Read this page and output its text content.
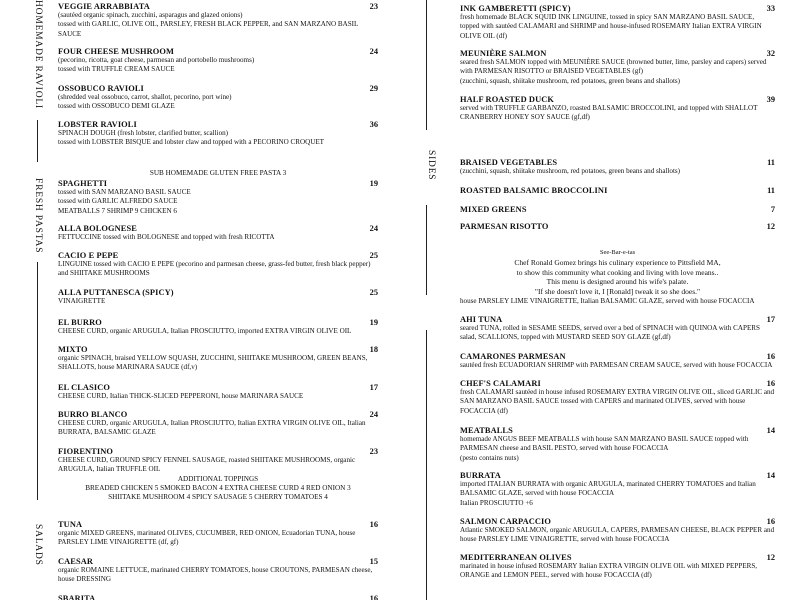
HOMEMADE RAVIOLI
FRESH PASTAS
SALADS
SIDES
VEGGIE ARRABBIATA	23
(sautéed organic spinach, zucchini, asparagus and glazed onions)
tossed with GARLIC, OLIVE OIL, PARSLEY, FRESH BLACK PEPPER, and SAN MARZANO BASIL SAUCE
FOUR CHEESE MUSHROOM	24
(pecorino, ricotta, goat cheese, parmesan and portobello mushrooms)
tossed with TRUFFLE CREAM SAUCE
OSSOBUCO RAVIOLI	29
(shredded veal ossobuco, carrot, shallot, pecorino, port wine)
tossed with OSSOBUCO DEMI GLAZE
LOBSTER RAVIOLI	36
SPINACH DOUGH (fresh lobster, clarified butter, scallion)
tossed with LOBSTER BISQUE and lobster claw and topped with a PECORINO CROQUET
SUB HOMEMADE GLUTEN FREE PASTA 3
SPAGHETTI	19
tossed with SAN MARZANO BASIL SAUCE
tossed with GARLIC ALFREDO SAUCE
MEATBALLS 7 SHRIMP 9 CHICKEN 6
ALLA BOLOGNESE	24
FETTUCCINE tossed with BOLOGNESE and topped with fresh RICOTTA
CACIO E PEPE	25
LINGUINE tossed with CACIO E PEPE (pecorino and parmesan cheese, grass-fed butter, fresh black pepper) and SHIITAKE MUSHROOMS
ALLA PUTTANESCA (SPICY)	25
VINAIGRETTE
EL BURRO	19
CHEESE CURD, organic ARUGULA, Italian PROSCIUTTO, imported EXTRA VIRGIN OLIVE OIL
MIXTO	18
organic SPINACH, braised YELLOW SQUASH, ZUCCHINI, SHIITAKE MUSHROOM, GREEN BEANS, SHALLOTS, house MARINARA SAUCE (df,v)
EL CLASICO	17
CHEESE CURD, Italian THICK-SLICED PEPPERONI, house MARINARA SAUCE
BURRO BLANCO	24
CHEESE CURD, organic ARUGULA, Italian PROSCIUTTO, Italian EXTRA VIRGIN OLIVE OIL, Italian BURRATA, BALSAMIC GLAZE
FIORENTINO	23
CHEESE CURD, GROUND SPICY FENNEL SAUSAGE, roasted SHIITAKE MUSHROOMS, organic ARUGULA, Italian TRUFFLE OIL
ADDITIONAL TOPPINGS
BREADED CHICKEN 5 SMOKED BACON 4 EXTRA CHEESE CURD 4 RED ONION 3
SHIITAKE MUSHROOM 4 SPICY SAUSAGE 5 CHERRY TOMATOES 4
TUNA	16
organic MIXED GREENS, marinated OLIVES, CUCUMBER, RED ONION, Ecuadorian TUNA, house PARSLEY LIME VINAIGRETTE (df, gf)
CAESAR	15
organic ROMAINE LETTUCE, marinated CHERRY TOMATOES, house CROUTONS, PARMESAN cheese, house DRESSING
SBARITA	16
INK GAMBERETTI (SPICY)	33
fresh homemade BLACK SQUID INK LINGUINE, tossed in spicy SAN MARZANO BASIL SAUCE, topped with sautéed CALAMARI and SHRIMP and house-infused ROSEMARY Italian EXTRA VIRGIN OLIVE OIL (df)
MEUNIÈRE SALMON	32
seared fresh SALMON topped with MEUNIÈRE SAUCE (browned butter, lime, parsley and capers) served with PARMESAN RISOTTO or BRAISED VEGETABLES (gf)
(zucchini, squash, shiitake mushroom, red potatoes, green beans and shallots)
HALF ROASTED DUCK	39
served with TRUFFLE GARBANZO, roasted BALSAMIC BROCCOLINI, and topped with SHALLOT CRANBERRY HONEY SOY SAUCE (gf,df)
BRAISED VEGETABLES	11
(zucchini, squash, shiitake mushroom, red potatoes, green beans and shallots)
ROASTED BALSAMIC BROCCOLINI	11
MIXED GREENS	7
PARMESAN RISOTTO	12
See-Bar-e-tas
Chef Ronald Gomez brings his culinary experience to Pittsfield MA,
to show this community what cooking and living with love means..
This menu is designed around his wife's palate.
"If she doesn't love it, I [Ronald] tweak it so she does."
house PARSLEY LIME VINAIGRETTE, Italian BALSAMIC GLAZE, served with house FOCACCIA
AHI TUNA	17
seared TUNA, rolled in SESAME SEEDS, served over a bed of SPINACH with QUINOA with CAPERS salad, SCALLIONS, topped with MUSTARD SEED SOY GLAZE (gf,df)
CAMARONES PARMESAN	16
sautéed fresh ECUADORIAN SHRIMP with PARMESAN CREAM SAUCE, served with house FOCACCIA
CHEF'S CALAMARI	16
fresh CALAMARI sautéed in house infused ROSEMARY EXTRA VIRGIN OLIVE OIL, sliced GARLIC and SAN MARZANO BASIL SAUCE tossed with CAPERS and marinated OLIVES, served with house FOCACCIA (df)
MEATBALLS	14
homemade ANGUS BEEF MEATBALLS with house SAN MARZANO BASIL SAUCE topped with PARMESAN cheese and BASIL PESTO, served with house FOCACCIA
(pesto contains nuts)
BURRATA	14
imported ITALIAN BURRATA with organic ARUGULA, marinated CHERRY TOMATOES and Italian BALSAMIC GLAZE, served with house FOCACCIA
Italian PROSCIUTTO +6
SALMON CARPACCIO	16
Atlantic SMOKED SALMON, organic ARUGULA, CAPERS, PARMESAN CHEESE, BLACK PEPPER and house PARSLEY LIME VINAIGRETTE, served with house FOCACCIA
MEDITERRANEAN OLIVES	12
marinated in house infused ROSEMARY Italian EXTRA VIRGIN OLIVE OIL with MIXED PEPPERS, ORANGE and LEMON PEEL, served with house FOCACCIA (df)
